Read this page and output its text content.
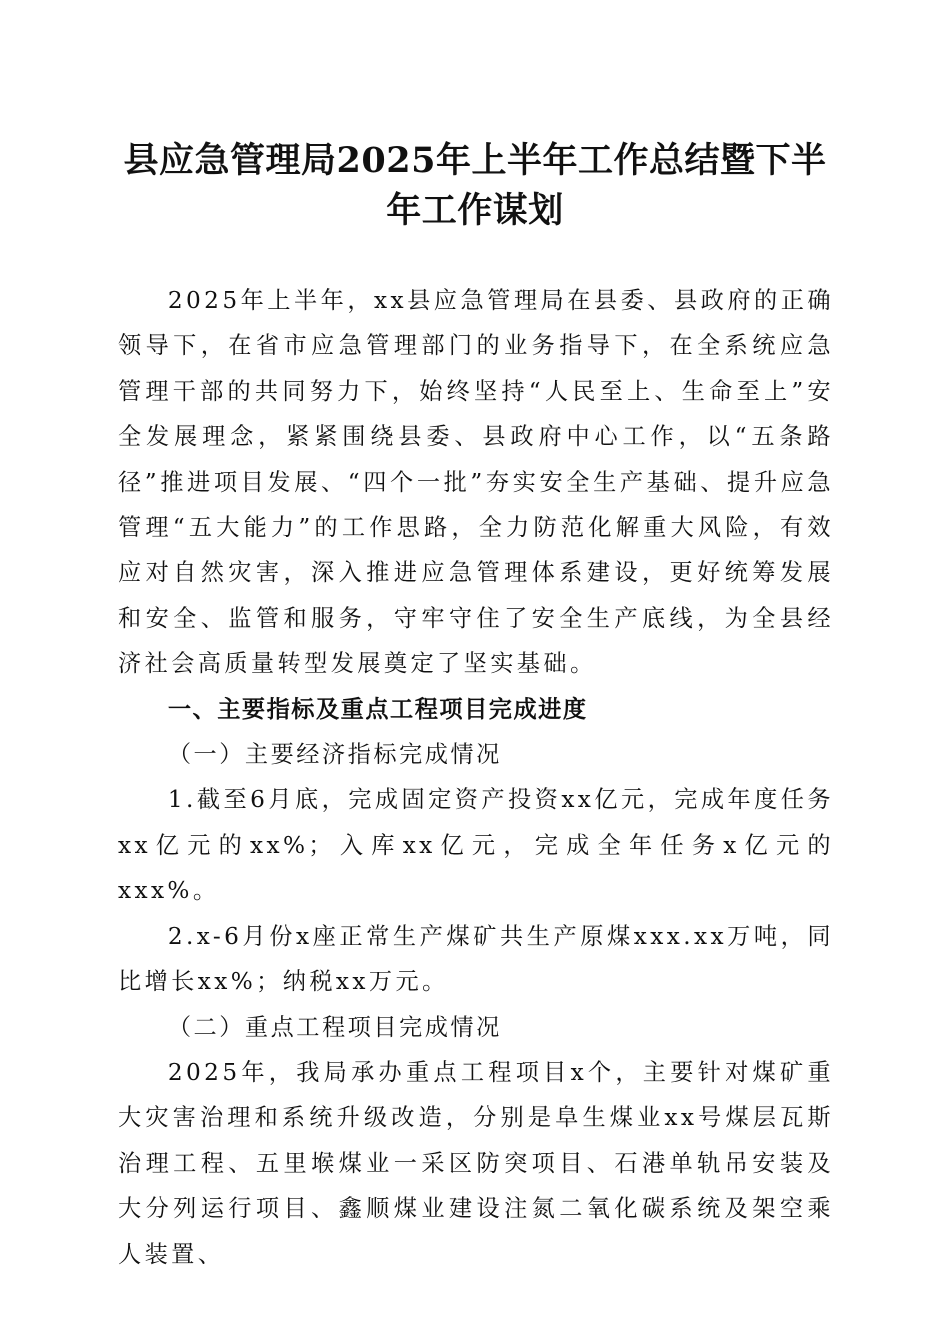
县应急管理局2025年上半年工作总结暨下半
年工作谋划

2025年上半年，xx县应急管理局在县委、县政府的正确领导下，在省市应急管理部门的业务指导下，在全系统应急管理干部的共同努力下，始终坚持“人民至上、生命至上”安全发展理念，紧紧围绕县委、县政府中心工作，以“五条路径”推进项目发展、“四个一批”夯实安全生产基础、提升应急管理“五大能力”的工作思路，全力防范化解重大风险，有效应对自然灾害，深入推进应急管理体系建设，更好统筹发展和安全、监管和服务，守牢守住了安全生产底线，为全县经济社会高质量转型发展奠定了坚实基础。

一、主要指标及重点工程项目完成进度

（一）主要经济指标完成情况

1.截至6月底，完成固定资产投资xx亿元，完成年度任务xx亿元的xx%；入库xx亿元，完成全年任务x亿元的xxx%。

2.x-6月份x座正常生产煤矿共生产原煤xxx.xx万吨，同比增长xx%；纳税xx万元。

（二）重点工程项目完成情况

2025年，我局承办重点工程项目x个，主要针对煤矿重大灾害治理和系统升级改造，分别是阜生煤业xx号煤层瓦斯治理工程、五里堠煤业一采区防突项目、石港单轨吊安装及大分列运行项目、鑫顺煤业建设注氮二氧化碳系统及架空乘人装置、
